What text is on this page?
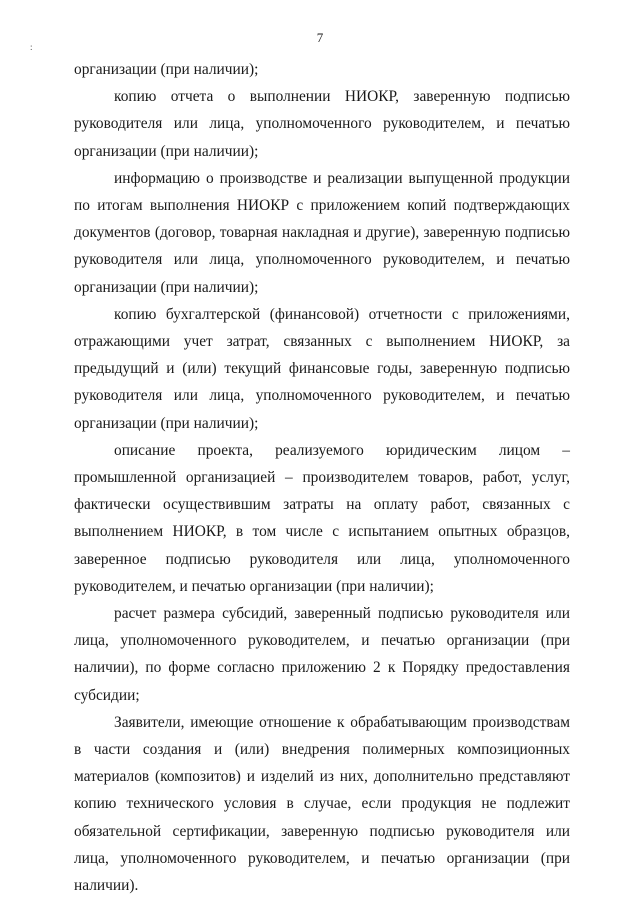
7
:

организации (при наличии);

копию отчета о выполнении НИОКР, заверенную подписью руководителя или лица, уполномоченного руководителем, и печатью организации (при наличии);

информацию о производстве и реализации выпущенной продукции по итогам выполнения НИОКР с приложением копий подтверждающих документов (договор, товарная накладная и другие), заверенную подписью руководителя или лица, уполномоченного руководителем, и печатью организации (при наличии);

копию бухгалтерской (финансовой) отчетности с приложениями, отражающими учет затрат, связанных с выполнением НИОКР, за предыдущий и (или) текущий финансовые годы, заверенную подписью руководителя или лица, уполномоченного руководителем, и печатью организации (при наличии);

описание проекта, реализуемого юридическим лицом – промышленной организацией – производителем товаров, работ, услуг, фактически осуществившим затраты на оплату работ, связанных с выполнением НИОКР, в том числе с испытанием опытных образцов, заверенное подписью руководителя или лица, уполномоченного руководителем, и печатью организации (при наличии);

расчет размера субсидий, заверенный подписью руководителя или лица, уполномоченного руководителем, и печатью организации (при наличии), по форме согласно приложению 2 к Порядку предоставления субсидии;

Заявители, имеющие отношение к обрабатывающим производствам в части создания и (или) внедрения полимерных композиционных материалов (композитов) и изделий из них, дополнительно представляют копию технического условия в случае, если продукция не подлежит обязательной сертификации, заверенную подписью руководителя или лица, уполномоченного руководителем, и печатью организации (при наличии).
